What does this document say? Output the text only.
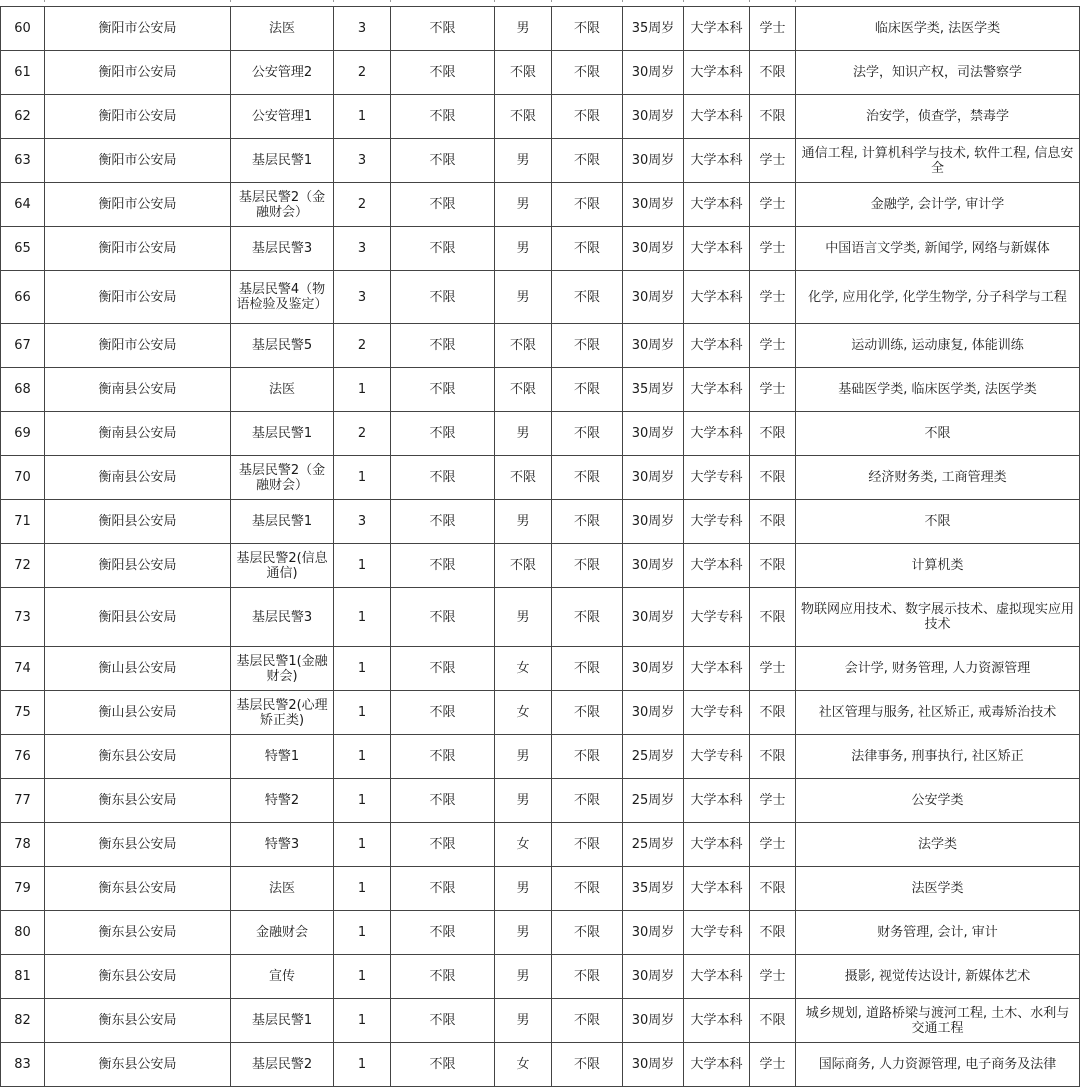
60	衡阳市公安局	法医	3	不限	男	不限	35周岁	大学本科	学士	临床医学类, 法医学类
61	衡阳市公安局	公安管理2	2	不限	不限	不限	30周岁	大学本科	不限	法学，知识产权，司法警察学
62	衡阳市公安局	公安管理1	1	不限	不限	不限	30周岁	大学本科	不限	治安学，侦查学，禁毒学
63	衡阳市公安局	基层民警1	3	不限	男	不限	30周岁	大学本科	学士	通信工程, 计算机科学与技术, 软件工程, 信息安全
64	衡阳市公安局	基层民警2（金融财会）	2	不限	男	不限	30周岁	大学本科	学士	金融学, 会计学, 审计学
65	衡阳市公安局	基层民警3	3	不限	男	不限	30周岁	大学本科	学士	中国语言文学类, 新闻学, 网络与新媒体
66	衡阳市公安局	基层民警4（物语检验及鉴定）	3	不限	男	不限	30周岁	大学本科	学士	化学, 应用化学, 化学生物学, 分子科学与工程
67	衡阳市公安局	基层民警5	2	不限	不限	不限	30周岁	大学本科	学士	运动训练, 运动康复, 体能训练
68	衡南县公安局	法医	1	不限	不限	不限	35周岁	大学本科	学士	基础医学类, 临床医学类, 法医学类
69	衡南县公安局	基层民警1	2	不限	男	不限	30周岁	大学本科	不限	不限
70	衡南县公安局	基层民警2（金融财会）	1	不限	不限	不限	30周岁	大学专科	不限	经济财务类, 工商管理类
71	衡阳县公安局	基层民警1	3	不限	男	不限	30周岁	大学专科	不限	不限
72	衡阳县公安局	基层民警2(信息通信)	1	不限	不限	不限	30周岁	大学本科	不限	计算机类
73	衡阳县公安局	基层民警3	1	不限	男	不限	30周岁	大学专科	不限	物联网应用技术、数字展示技术、虚拟现实应用技术
74	衡山县公安局	基层民警1(金融财会)	1	不限	女	不限	30周岁	大学本科	学士	会计学, 财务管理, 人力资源管理
75	衡山县公安局	基层民警2(心理矫正类)	1	不限	女	不限	30周岁	大学专科	不限	社区管理与服务, 社区矫正, 戒毒矫治技术
76	衡东县公安局	特警1	1	不限	男	不限	25周岁	大学专科	不限	法律事务, 刑事执行, 社区矫正
77	衡东县公安局	特警2	1	不限	男	不限	25周岁	大学本科	学士	公安学类
78	衡东县公安局	特警3	1	不限	女	不限	25周岁	大学本科	学士	法学类
79	衡东县公安局	法医	1	不限	男	不限	35周岁	大学本科	不限	法医学类
80	衡东县公安局	金融财会	1	不限	男	不限	30周岁	大学专科	不限	财务管理, 会计, 审计
81	衡东县公安局	宣传	1	不限	男	不限	30周岁	大学本科	学士	摄影, 视觉传达设计, 新媒体艺术
82	衡东县公安局	基层民警1	1	不限	男	不限	30周岁	大学本科	不限	城乡规划, 道路桥梁与渡河工程, 土木、水利与交通工程
83	衡东县公安局	基层民警2	1	不限	女	不限	30周岁	大学本科	学士	国际商务, 人力资源管理, 电子商务及法律
